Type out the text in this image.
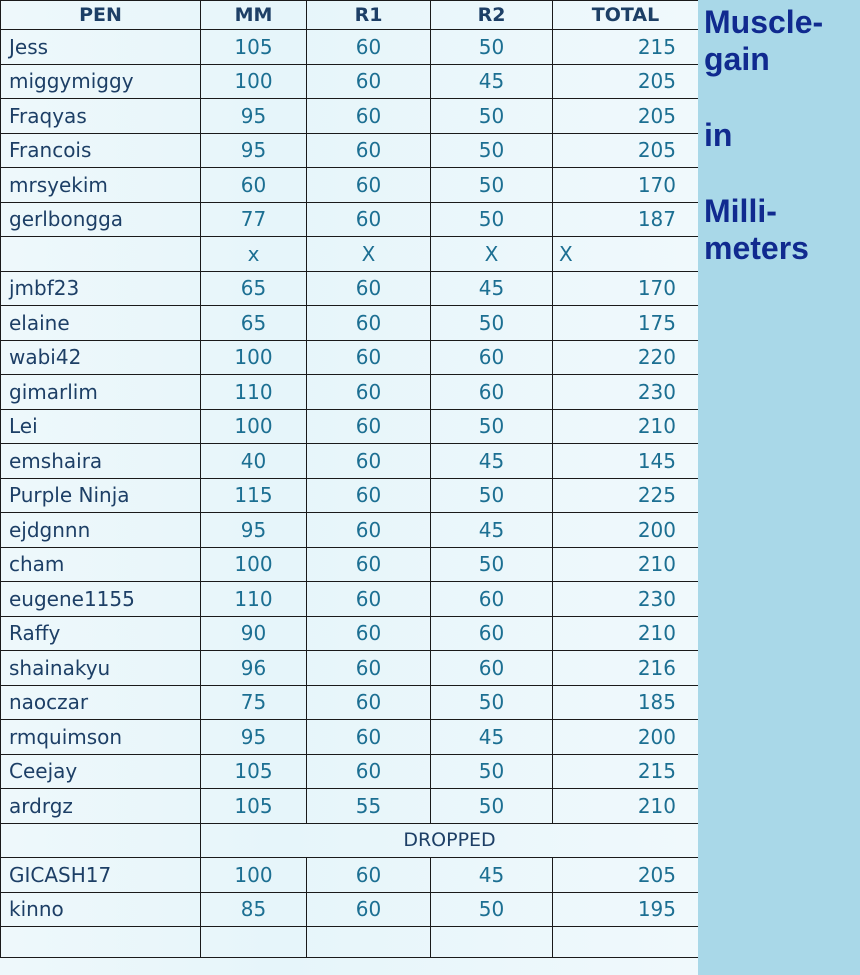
PEN	MM	R1	R2	TOTAL
Jess	105	60	50	215
miggymiggy	100	60	45	205
Fraqyas	95	60	50	205
Francois	95	60	50	205
mrsyekim	60	60	50	170
gerlbongga	77	60	50	187
	x	X	X	X
jmbf23	65	60	45	170
elaine	65	60	50	175
wabi42	100	60	60	220
gimarlim	110	60	60	230
Lei	100	60	50	210
emshaira	40	60	45	145
Purple Ninja	115	60	50	225
ejdgnnn	95	60	45	200
cham	100	60	50	210
eugene1155	110	60	60	230
Raffy	90	60	60	210
shainakyu	96	60	60	216
naoczar	75	60	50	185
rmquimson	95	60	45	200
Ceejay	105	60	50	215
ardrgz	105	55	50	210
	DROPPED			
GICASH17	100	60	45	205
kinno	85	60	50	195

Muscle-
gain
in
Milli-
meters
